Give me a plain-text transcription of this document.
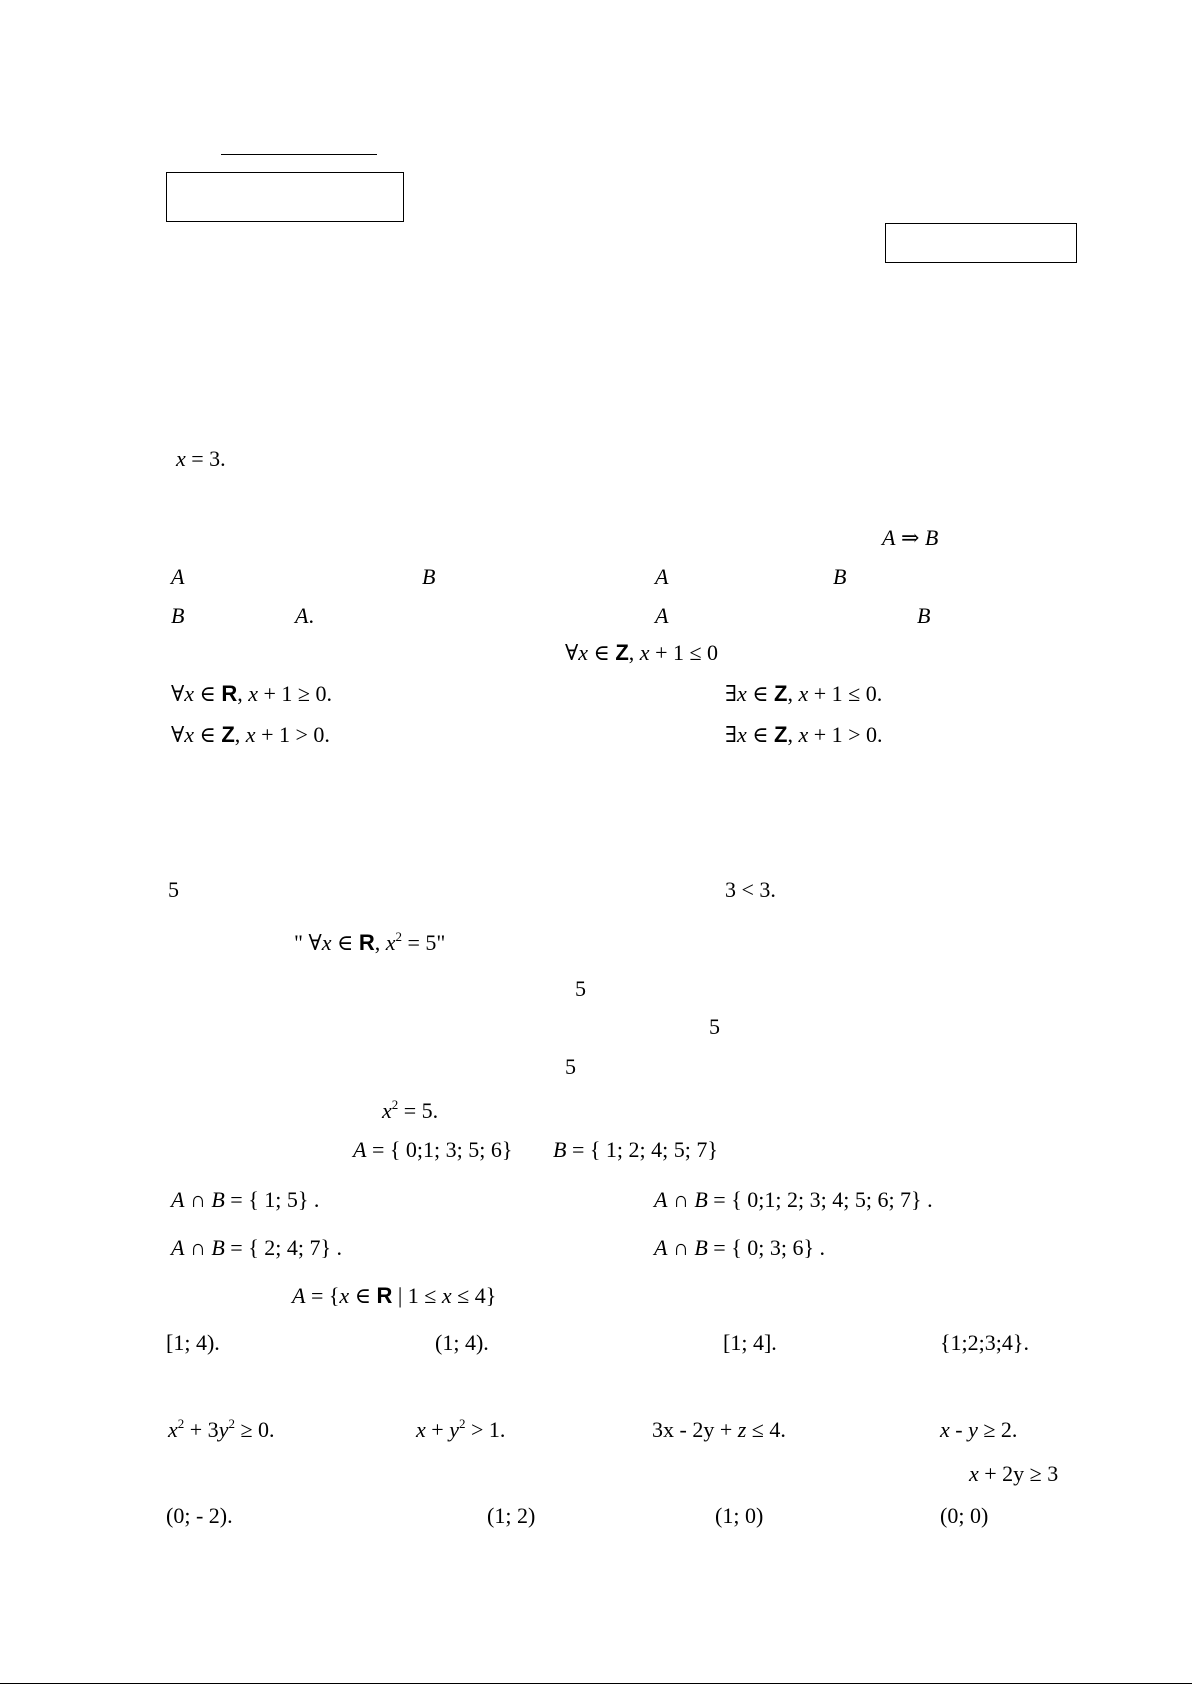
x = 3.
A ⇒ B
A	B	A	B
B	A.	A	B
∀x ∈ Z, x + 1 ≤ 0
∀x ∈ R, x + 1 ≥ 0.	∃x ∈ Z, x + 1 ≤ 0.
∀x ∈ Z, x + 1 > 0.	∃x ∈ Z, x + 1 > 0.
5	3 < 3.
" ∀x ∈ R, $x^2 = 5$"
5
5
5
$x^2 = 5$.
A = { 0;1; 3; 5; 6} B = { 1; 2; 4; 5; 7}
A ∩ B = { 1; 5} .	A ∩ B = { 0;1; 2; 3; 4; 5; 6; 7} .
A ∩ B = { 2; 4; 7} .	A ∩ B = { 0; 3; 6} .
A = {x ∈ R | 1 ≤ x ≤ 4}
[1; 4).	(1; 4).	[1; 4].	{1;2;3;4}.
$x^2 + 3y^2 \ge 0$.	$x + y^2 > 1$.	3x - 2y + z ≤ 4.	x - y ≥ 2.
x + 2y ≥ 3
(0; - 2).	(1; 2)	(1; 0)	(0; 0)
